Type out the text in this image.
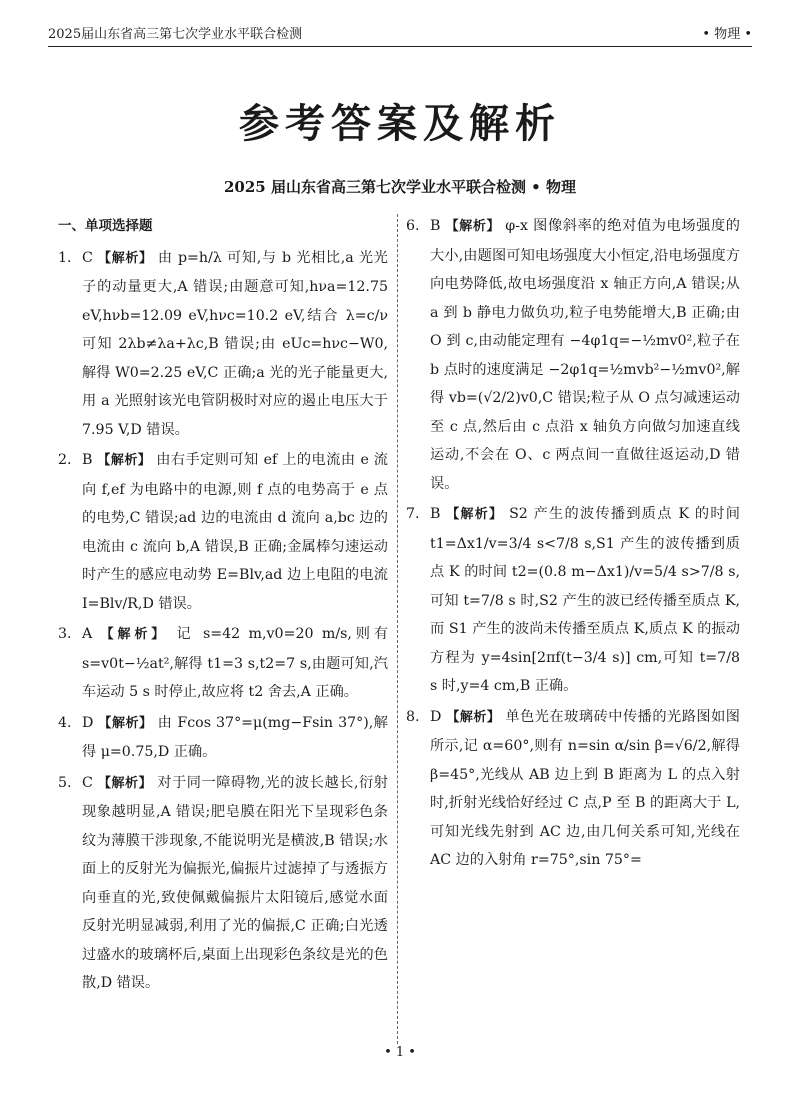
2025届山东省高三第七次学业水平联合检测	• 物理 •
参考答案及解析
2025 届山东省高三第七次学业水平联合检测 • 物理
一、单项选择题
1. C 【解析】 由 p=h/λ 可知,与 b 光相比,a 光光子的动量更大,A 错误;由题意可知,hνa=12.75 eV,hνb=12.09 eV,hνc=10.2 eV,结合 λ=c/ν 可知 2λb≠λa+λc,B 错误;由 eUc=hνc−W0,解得 W0=2.25 eV,C 正确;a 光的光子能量更大,用 a 光照射该光电管阴极时对应的遏止电压大于 7.95 V,D 错误。
2. B 【解析】 由右手定则可知 ef 上的电流由 e 流向 f,ef 为电路中的电源,则 f 点的电势高于 e 点的电势,C 错误;ad 边的电流由 d 流向 a,bc 边的电流由 c 流向 b,A 错误,B 正确;金属棒匀速运动时产生的感应电动势 E=Blv,ad 边上电阻的电流 I=Blv/R,D 错误。
3. A 【解析】 记 s=42 m,v0=20 m/s,则有 s=v0t−½at²,解得 t1=3 s,t2=7 s,由题可知,汽车运动 5 s 时停止,故应将 t2 舍去,A 正确。
4. D 【解析】 由 Fcos 37°=μ(mg−Fsin 37°),解得 μ=0.75,D 正确。
5. C 【解析】 对于同一障碍物,光的波长越长,衍射现象越明显,A 错误;肥皂膜在阳光下呈现彩色条纹为薄膜干涉现象,不能说明光是横波,B 错误;水面上的反射光为偏振光,偏振片过滤掉了与透振方向垂直的光,致使佩戴偏振片太阳镜后,感觉水面反射光明显减弱,利用了光的偏振,C 正确;白光透过盛水的玻璃杯后,桌面上出现彩色条纹是光的色散,D 错误。
6. B 【解析】 φ-x 图像斜率的绝对值为电场强度的大小,由题图可知电场强度大小恒定,沿电场强度方向电势降低,故电场强度沿 x 轴正方向,A 错误;从 a 到 b 静电力做负功,粒子电势能增大,B 正确;由 O 到 c,由动能定理有 −4φ1q=−½mv0²,粒子在 b 点时的速度满足 −2φ1q=½mvb²−½mv0²,解得 vb=(√2/2)v0,C 错误;粒子从 O 点匀减速运动至 c 点,然后由 c 点沿 x 轴负方向做匀加速直线运动,不会在 O、c 两点间一直做往返运动,D 错误。
7. B 【解析】 S2 产生的波传播到质点 K 的时间 t1=Δx1/v=3/4 s<7/8 s,S1 产生的波传播到质点 K 的时间 t2=(0.8 m−Δx1)/v=5/4 s>7/8 s,可知 t=7/8 s 时,S2 产生的波已经传播至质点 K,而 S1 产生的波尚未传播至质点 K,质点 K 的振动方程为 y=4sin[2πf(t−3/4 s)] cm,可知 t=7/8 s 时,y=4 cm,B 正确。
8. D 【解析】 单色光在玻璃砖中传播的光路图如图所示,记 α=60°,则有 n=sin α/sin β=√6/2,解得 β=45°,光线从 AB 边上到 B 距离为 L 的点入射时,折射光线恰好经过 C 点,P 至 B 的距离大于 L,可知光线先射到 AC 边,由几何关系可知,光线在 AC 边的入射角 r=75°,sin 75°=
• 1 •
